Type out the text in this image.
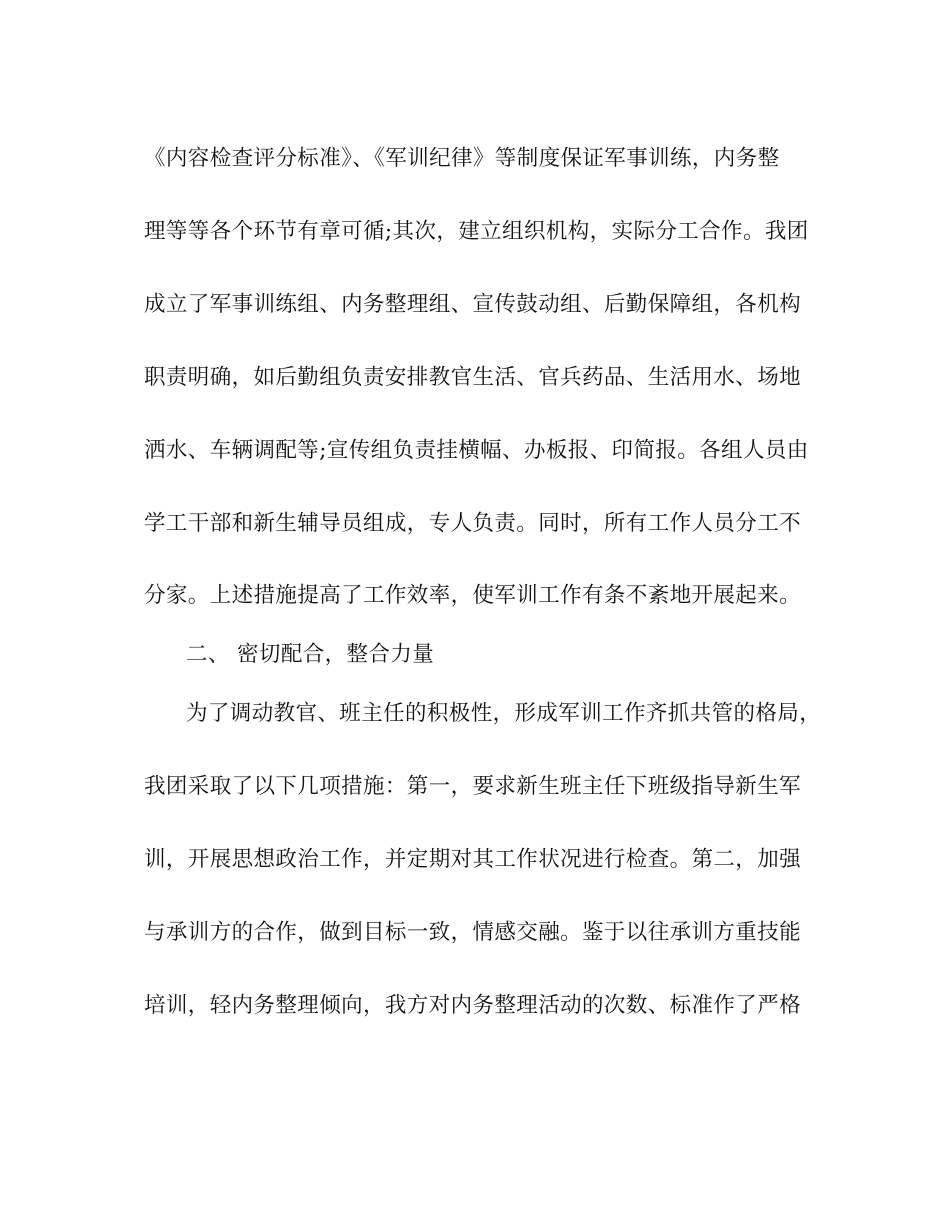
《内容检查评分标准》、《军训纪律》等制度保证军事训练，内务整
理等等各个环节有章可循;其次，建立组织机构，实际分工合作。我团
成立了军事训练组、内务整理组、宣传鼓动组、后勤保障组，各机构
职责明确，如后勤组负责安排教官生活、官兵药品、生活用水、场地
洒水、车辆调配等;宣传组负责挂横幅、办板报、印简报。各组人员由
学工干部和新生辅导员组成，专人负责。同时，所有工作人员分工不
分家。上述措施提高了工作效率，使军训工作有条不紊地开展起来。
二、 密切配合，整合力量
为了调动教官、班主任的积极性，形成军训工作齐抓共管的格局，
我团采取了以下几项措施：第一，要求新生班主任下班级指导新生军
训，开展思想政治工作，并定期对其工作状况进行检查。第二，加强
与承训方的合作，做到目标一致，情感交融。鉴于以往承训方重技能
培训，轻内务整理倾向，我方对内务整理活动的次数、标准作了严格
